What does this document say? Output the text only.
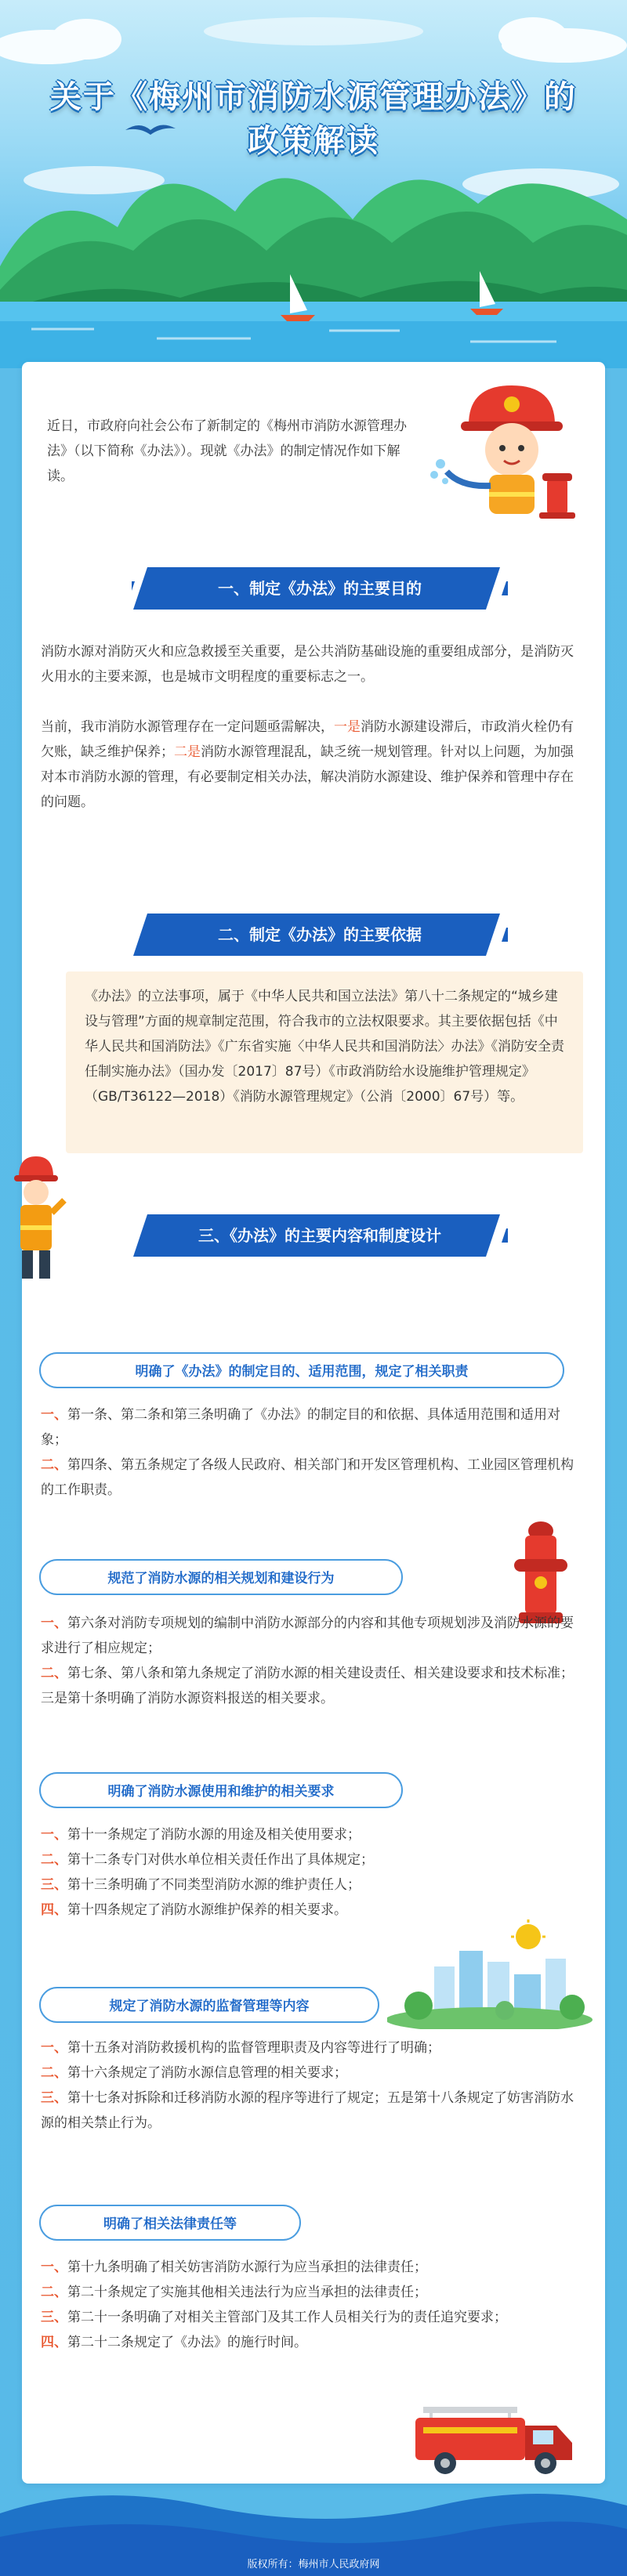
关于《梅州市消防水源管理办法》的
政策解读

近日，市政府向社会公布了新制定的《梅州市消防水源管理办法》（以下简称《办法》）。现就《办法》的制定情况作如下解读。

一、制定《办法》的主要目的

消防水源对消防灭火和应急救援至关重要，是公共消防基础设施的重要组成部分，是消防灭火用水的主要来源，也是城市文明程度的重要标志之一。

当前，我市消防水源管理存在一定问题亟需解决，一是消防水源建设滞后，市政消火栓仍有欠账，缺乏维护保养；二是消防水源管理混乱，缺乏统一规划管理。针对以上问题，为加强对本市消防水源的管理，有必要制定相关办法，解决消防水源建设、维护保养和管理中存在的问题。

二、制定《办法》的主要依据

《办法》的立法事项，属于《中华人民共和国立法法》第八十二条规定的“城乡建设与管理”方面的规章制定范围，符合我市的立法权限要求。其主要依据包括《中华人民共和国消防法》《广东省实施〈中华人民共和国消防法〉办法》《消防安全责任制实施办法》（国办发〔2017〕87号）《市政消防给水设施维护管理规定》（GB/T36122—2018）《消防水源管理规定》（公消〔2000〕67号）等。

三、《办法》的主要内容和制度设计
明确了《办法》的制定目的、适用范围，规定了相关职责
一、第一条、第二条和第三条明确了《办法》的制定目的和依据、具体适用范围和适用对象；
二、第四条、第五条规定了各级人民政府、相关部门和开发区管理机构、工业园区管理机构的工作职责。
规范了消防水源的相关规划和建设行为
一、第六条对消防专项规划的编制中消防水源部分的内容和其他专项规划涉及消防水源的要求进行了相应规定；
二、第七条、第八条和第九条规定了消防水源的相关建设责任、相关建设要求和技术标准；三是第十条明确了消防水源资料报送的相关要求。
明确了消防水源使用和维护的相关要求
一、第十一条规定了消防水源的用途及相关使用要求；
二、第十二条专门对供水单位相关责任作出了具体规定；
三、第十三条明确了不同类型消防水源的维护责任人；
四、第十四条规定了消防水源维护保养的相关要求。
规定了消防水源的监督管理等内容
一、第十五条对消防救援机构的监督管理职责及内容等进行了明确；
二、第十六条规定了消防水源信息管理的相关要求；
三、第十七条对拆除和迁移消防水源的程序等进行了规定；五是第十八条规定了妨害消防水源的相关禁止行为。
明确了相关法律责任等
一、第十九条明确了相关妨害消防水源行为应当承担的法律责任；
二、第二十条规定了实施其他相关违法行为应当承担的法律责任；
三、第二十一条明确了对相关主管部门及其工作人员相关行为的责任追究要求；
四、第二十二条规定了《办法》的施行时间。
版权所有：梅州市人民政府网
